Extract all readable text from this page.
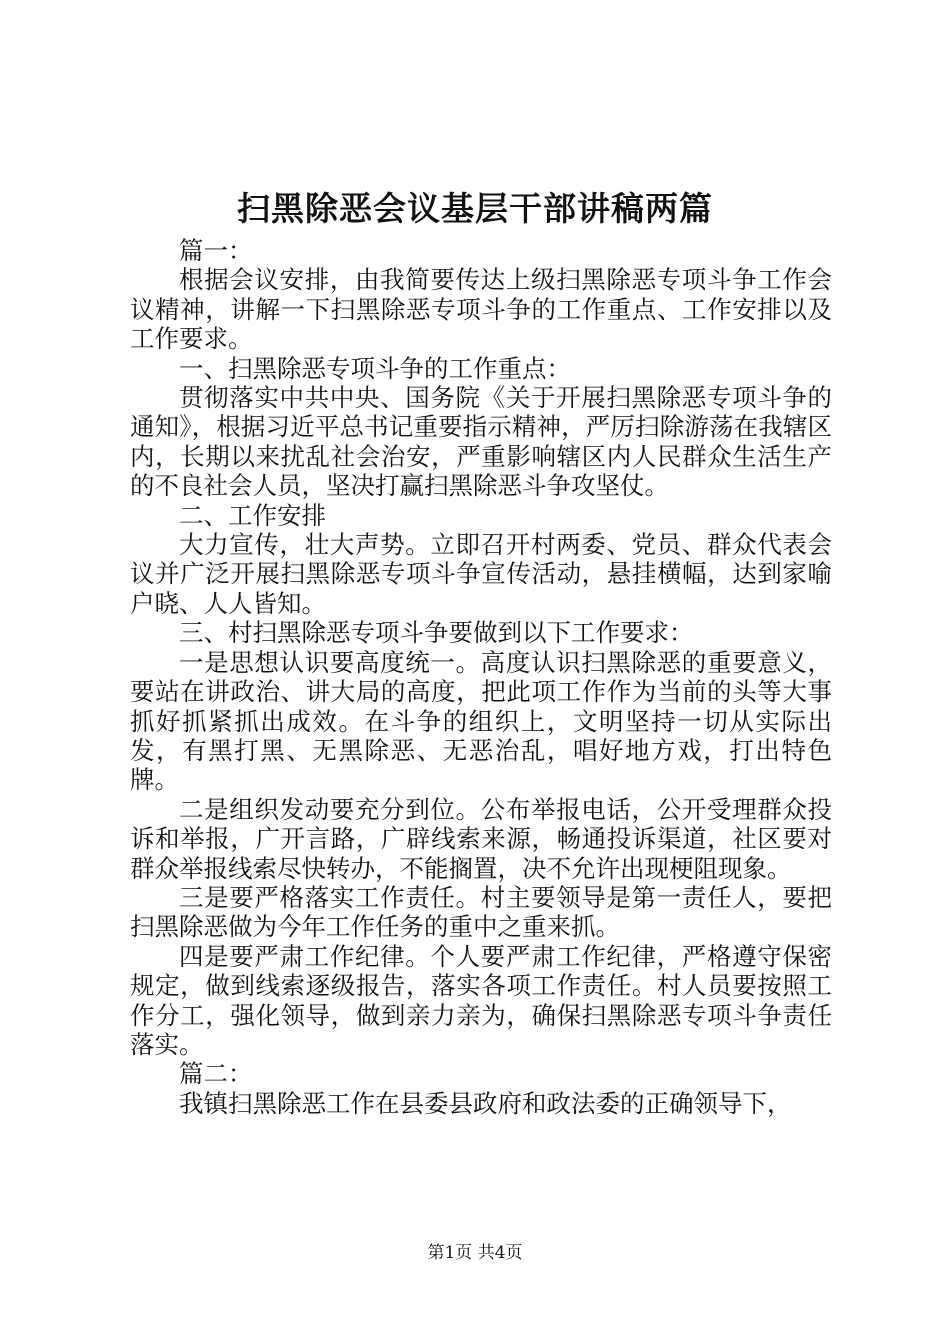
扫黑除恶会议基层干部讲稿两篇

篇一：

根据会议安排，由我简要传达上级扫黑除恶专项斗争工作会议精神，讲解一下扫黑除恶专项斗争的工作重点、工作安排以及工作要求。

一、扫黑除恶专项斗争的工作重点：

贯彻落实中共中央、国务院《关于开展扫黑除恶专项斗争的通知》，根据习近平总书记重要指示精神，严厉扫除游荡在我辖区内，长期以来扰乱社会治安，严重影响辖区内人民群众生活生产的不良社会人员，坚决打赢扫黑除恶斗争攻坚仗。

二、工作安排

大力宣传，壮大声势。立即召开村两委、党员、群众代表会议并广泛开展扫黑除恶专项斗争宣传活动，悬挂横幅，达到家喻户晓、人人皆知。

三、村扫黑除恶专项斗争要做到以下工作要求：

一是思想认识要高度统一。高度认识扫黑除恶的重要意义，要站在讲政治、讲大局的高度，把此项工作作为当前的头等大事抓好抓紧抓出成效。在斗争的组织上，文明坚持一切从实际出发，有黑打黑、无黑除恶、无恶治乱，唱好地方戏，打出特色牌。

二是组织发动要充分到位。公布举报电话，公开受理群众投诉和举报，广开言路，广辟线索来源，畅通投诉渠道，社区要对群众举报线索尽快转办，不能搁置，决不允许出现梗阻现象。

三是要严格落实工作责任。村主要领导是第一责任人，要把扫黑除恶做为今年工作任务的重中之重来抓。

四是要严肃工作纪律。个人要严肃工作纪律，严格遵守保密规定，做到线索逐级报告，落实各项工作责任。村人员要按照工作分工，强化领导，做到亲力亲为，确保扫黑除恶专项斗争责任落实。

篇二：

我镇扫黑除恶工作在县委县政府和政法委的正确领导下，

第1页 共4页
